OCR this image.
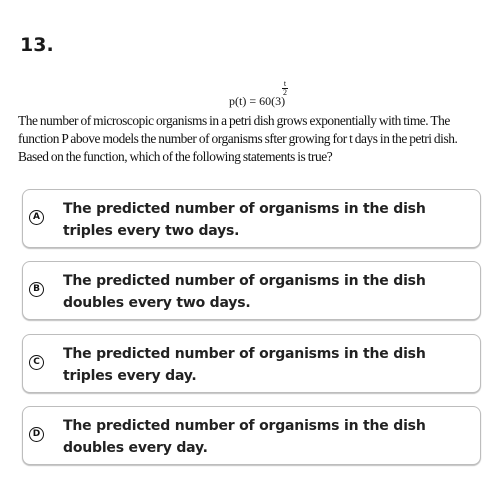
13.
p(t) = 60(3)
t
2
The number of microscopic organisms in a petri dish grows exponentially with time. The function P above models the number of organisms sfter growing for t days in the petri dish. Based on the function, which of the following statements is true?
A The predicted number of organisms in the dish triples every two days.
B The predicted number of organisms in the dish doubles every two days.
C	The predicted number of organisms in the dish triples every day.
D The predicted number of organisms in the dish doubles every day.
